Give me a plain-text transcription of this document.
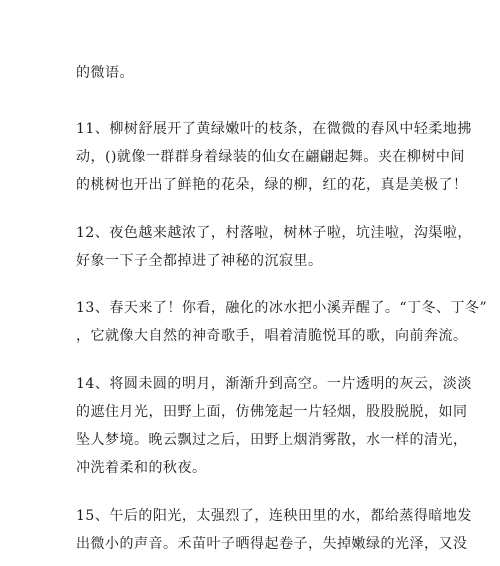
的微语。
11、柳树舒展开了黄绿嫩叶的枝条，在微微的春风中轻柔地拂
动，()就像一群群身着绿装的仙女在翩翩起舞。夹在柳树中间
的桃树也开出了鲜艳的花朵，绿的柳，红的花，真是美极了！
12、夜色越来越浓了，村落啦，树林子啦，坑洼啦，沟渠啦，
好象一下子全都掉进了神秘的沉寂里。
13、春天来了！你看，融化的冰水把小溪弄醒了。“丁冬、丁冬”
，它就像大自然的神奇歌手，唱着清脆悦耳的歌，向前奔流。
14、将圆未圆的明月，渐渐升到高空。一片透明的灰云，淡淡
的遮住月光，田野上面，仿佛笼起一片轻烟，股股脱脱，如同
坠人梦境。晚云飘过之后，田野上烟消雾散，水一样的清光，
冲洗着柔和的秋夜。
15、午后的阳光，太强烈了，连秧田里的水，都给蒸得暗地发
出微小的声音。禾苗叶子晒得起卷子，失掉嫩绿的光泽，又没
